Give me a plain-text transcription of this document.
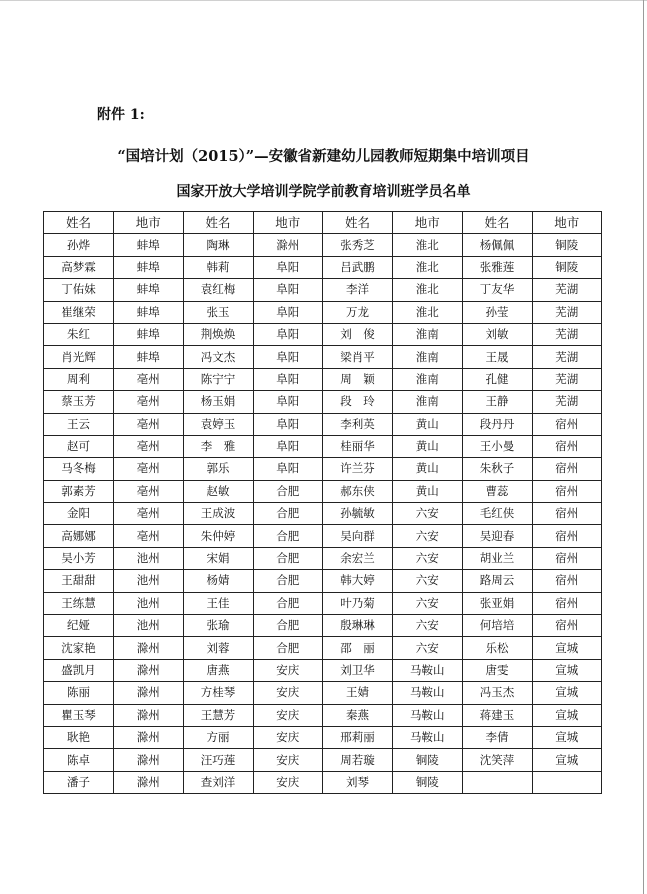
附件 1:
“国培计划（2015）”—安徽省新建幼儿园教师短期集中培训项目
国家开放大学培训学院学前教育培训班学员名单
姓名	地市	姓名	地市	姓名	地市	姓名	地市
孙烨	蚌埠	陶琳	滁州	张秀芝	淮北	杨佩佩	铜陵
高梦霖	蚌埠	韩莉	阜阳	吕武鹏	淮北	张雅莲	铜陵
丁佑妹	蚌埠	袁红梅	阜阳	李洋	淮北	丁友华	芜湖
崔继荣	蚌埠	张玉	阜阳	万龙	淮北	孙莹	芜湖
朱红	蚌埠	荆焕焕	阜阳	刘　俊	淮南	刘敏	芜湖
肖光辉	蚌埠	冯文杰	阜阳	梁肖平	淮南	王晟	芜湖
周利	亳州	陈宁宁	阜阳	周　颖	淮南	孔健	芜湖
蔡玉芳	亳州	杨玉娟	阜阳	段　玲	淮南	王静	芜湖
王云	亳州	袁婷玉	阜阳	李利英	黄山	段丹丹	宿州
赵可	亳州	李　雅	阜阳	桂丽华	黄山	王小曼	宿州
马冬梅	亳州	郭乐	阜阳	许兰芬	黄山	朱秋子	宿州
郭素芳	亳州	赵敏	合肥	郝东侠	黄山	曹蕊	宿州
金阳	亳州	王成波	合肥	孙毓敏	六安	毛红侠	宿州
高娜娜	亳州	朱仲婷	合肥	吴向群	六安	吴迎春	宿州
吴小芳	池州	宋娟	合肥	余宏兰	六安	胡业兰	宿州
王甜甜	池州	杨婧	合肥	韩大婷	六安	路周云	宿州
王练慧	池州	王佳	合肥	叶乃菊	六安	张亚娟	宿州
纪娅	池州	张瑜	合肥	殷琳琳	六安	何培培	宿州
沈家艳	滁州	刘蓉	合肥	邵　丽	六安	乐松	宣城
盛凯月	滁州	唐燕	安庆	刘卫华	马鞍山	唐雯	宣城
陈丽	滁州	方桂琴	安庆	王婧	马鞍山	冯玉杰	宣城
瞿玉琴	滁州	王慧芳	安庆	秦燕	马鞍山	蒋建玉	宣城
耿艳	滁州	方丽	安庆	邢莉丽	马鞍山	李倩	宣城
陈卓	滁州	汪巧莲	安庆	周若璇	铜陵	沈笑萍	宣城
潘子	滁州	查刘洋	安庆	刘琴	铜陵		
